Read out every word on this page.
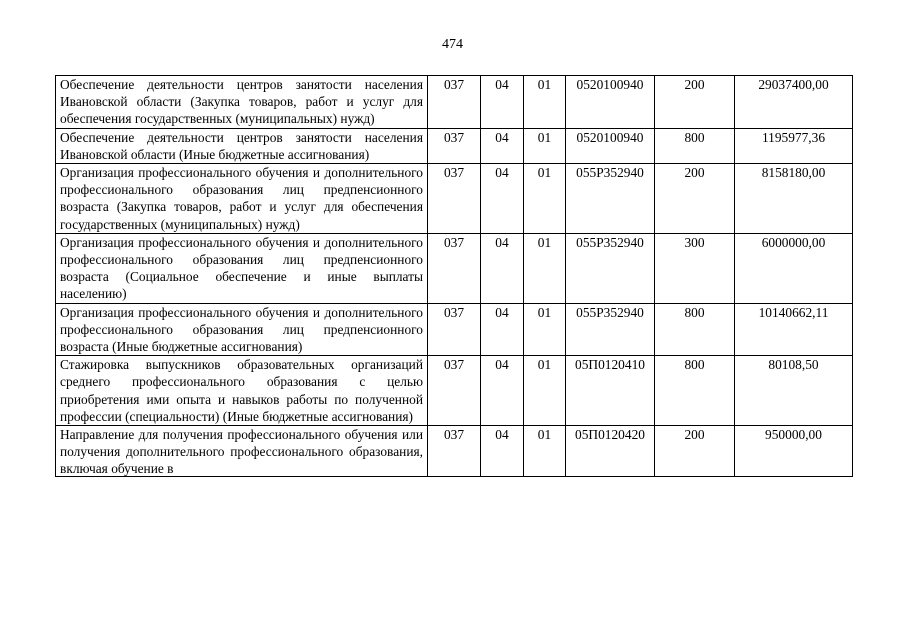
474
Обеспечение деятельности центров занятости населения Ивановской области (Закупка товаров, работ и услуг для обеспечения государственных (муниципальных) нужд)	037	04	01	0520100940	200	29037400,00

Обеспечение деятельности центров занятости населения Ивановской области (Иные бюджетные ассигнования)	037	04	01	0520100940	800	1195977,36

Организация профессионального обучения и дополнительного профессионального образования лиц предпенсионного возраста (Закупка товаров, работ и услуг для обеспечения государственных (муниципальных) нужд)	037	04	01	055P352940	200	8158180,00

Организация профессионального обучения и дополнительного профессионального образования лиц предпенсионного возраста (Социальное обеспечение и иные выплаты населению)	037	04	01	055P352940	300	6000000,00

Организация профессионального обучения и дополнительного профессионального образования лиц предпенсионного возраста (Иные бюджетные ассигнования)	037	04	01	055P352940	800	10140662,11

Стажировка выпускников образовательных организаций среднего профессионального образования с целью приобретения ими опыта и навыков работы по полученной профессии (специальности) (Иные бюджетные ассигнования)	037	04	01	05П0120410	800	80108,50

Направление для получения профессионального обучения или получения дополнительного профессионального образования, включая обучение в	037	04	01	05П0120420	200	950000,00
